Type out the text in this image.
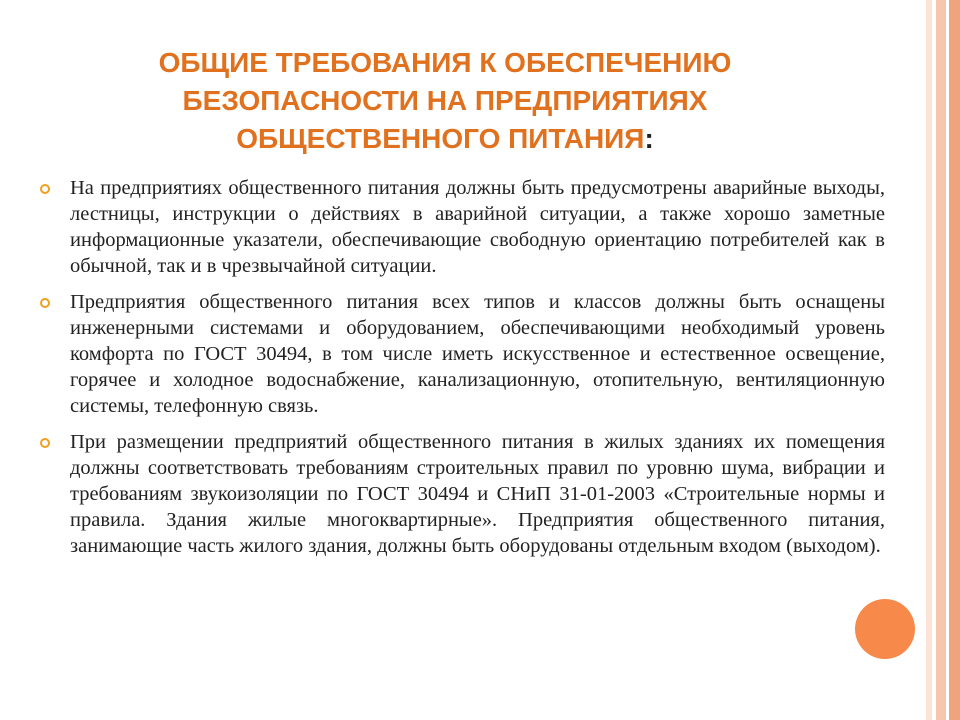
ОБЩИЕ ТРЕБОВАНИЯ К ОБЕСПЕЧЕНИЮ
БЕЗОПАСНОСТИ НА ПРЕДПРИЯТИЯХ
ОБЩЕСТВЕННОГО ПИТАНИЯ:
На предприятиях общественного питания должны быть предусмотрены аварийные выходы, лестницы, инструкции о действиях в аварийной ситуации, а также хорошо заметные информационные указатели, обеспечивающие свободную ориентацию потребителей как в обычной, так и в чрезвычайной ситуации.
Предприятия общественного питания всех типов и классов должны быть оснащены инженерными системами и оборудованием, обеспечивающими необходимый уровень комфорта по ГОСТ 30494, в том числе иметь искусственное и естественное освещение, горячее и холодное водоснабжение, канализационную, отопительную, вентиляционную системы, телефонную связь.
При размещении предприятий общественного питания в жилых зданиях их помещения должны соответствовать требованиям строительных правил по уровню шума, вибрации и требованиям звукоизоляции по ГОСТ 30494 и СНиП 31-01-2003 «Строительные нормы и правила. Здания жилые многоквартирные». Предприятия общественного питания, занимающие часть жилого здания, должны быть оборудованы отдельным входом (выходом).
